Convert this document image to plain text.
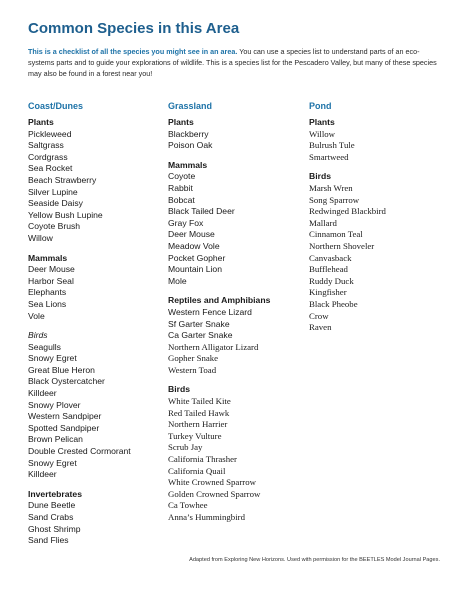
Common Species in this Area
This is a checklist of all the species you might see in an area. You can use a species list to understand parts of an eco-systems parts and to guide your explorations of wildlife. This is a species list for the Pescadero Valley, but many of these species may also be found in a forest near you!
Coast/Dunes
Plants
Pickleweed
Saltgrass
Cordgrass
Sea Rocket
Beach Strawberry
Silver Lupine
Seaside Daisy
Yellow Bush Lupine
Coyote Brush
Willow
Mammals
Deer Mouse
Harbor Seal
Elephants
Sea Lions
Vole
Birds
Seagulls
Snowy Egret
Great Blue Heron
Black Oystercatcher
Killdeer
Snowy Plover
Western Sandpiper
Spotted Sandpiper
Brown Pelican
Double Crested Cormorant
Snowy Egret
Killdeer
Invertebrates
Dune Beetle
Sand Crabs
Ghost Shrimp
Sand Flies
Grassland
Plants
Blackberry
Poison Oak
Mammals
Coyote
Rabbit
Bobcat
Black Tailed Deer
Gray Fox
Deer Mouse
Meadow Vole
Pocket Gopher
Mountain Lion
Mole
Reptiles and Amphibians
Western Fence Lizard
Sf Garter Snake
Ca Garter Snake
Northern Alligator Lizard
Gopher Snake
Western Toad
Birds
White Tailed Kite
Red Tailed Hawk
Northern Harrier
Turkey Vulture
Scrub Jay
California Thrasher
California Quail
White Crowned Sparrow
Golden Crowned Sparrow
Ca Towhee
Anna’s Hummingbird
Pond
Plants
Willow
Bulrush Tule
Smartweed
Birds
Marsh Wren
Song Sparrow
Redwinged Blackbird
Mallard
Cinnamon Teal
Northern Shoveler
Canvasback
Bufflehead
Ruddy Duck
Kingfisher
Black Pheobe
Crow
Raven
Adapted from Exploring New Horizons. Used with permission for the BEETLES Model Journal Pages.
